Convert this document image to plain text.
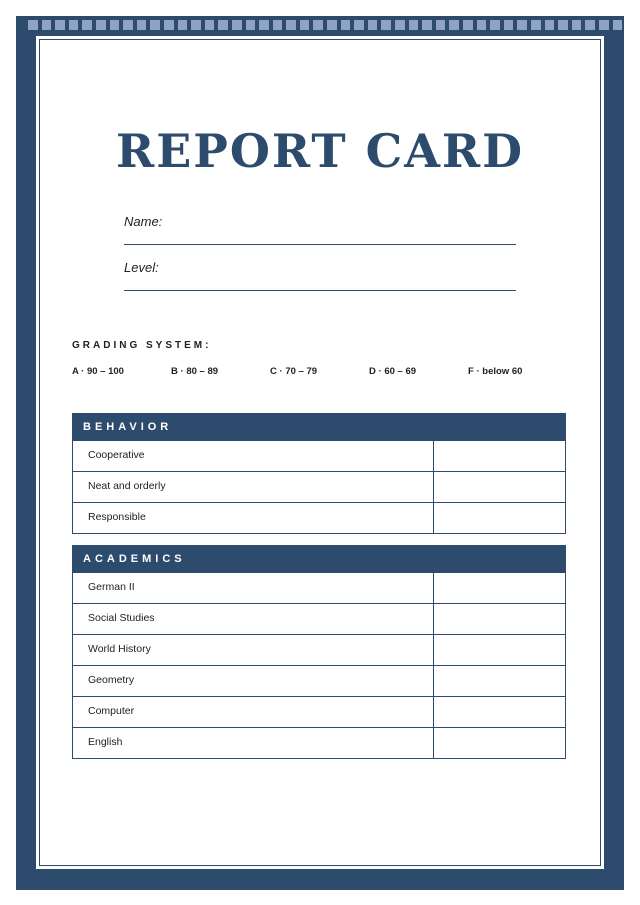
REPORT CARD
Name:
Level:
GRADING SYSTEM:
A · 90 – 100	B · 80 – 89	C · 70 – 79	D · 60 – 69	F · below 60
BEHAVIOR
Cooperative
Neat and orderly
Responsible
ACADEMICS
German II
Social Studies
World History
Geometry
Computer
English
